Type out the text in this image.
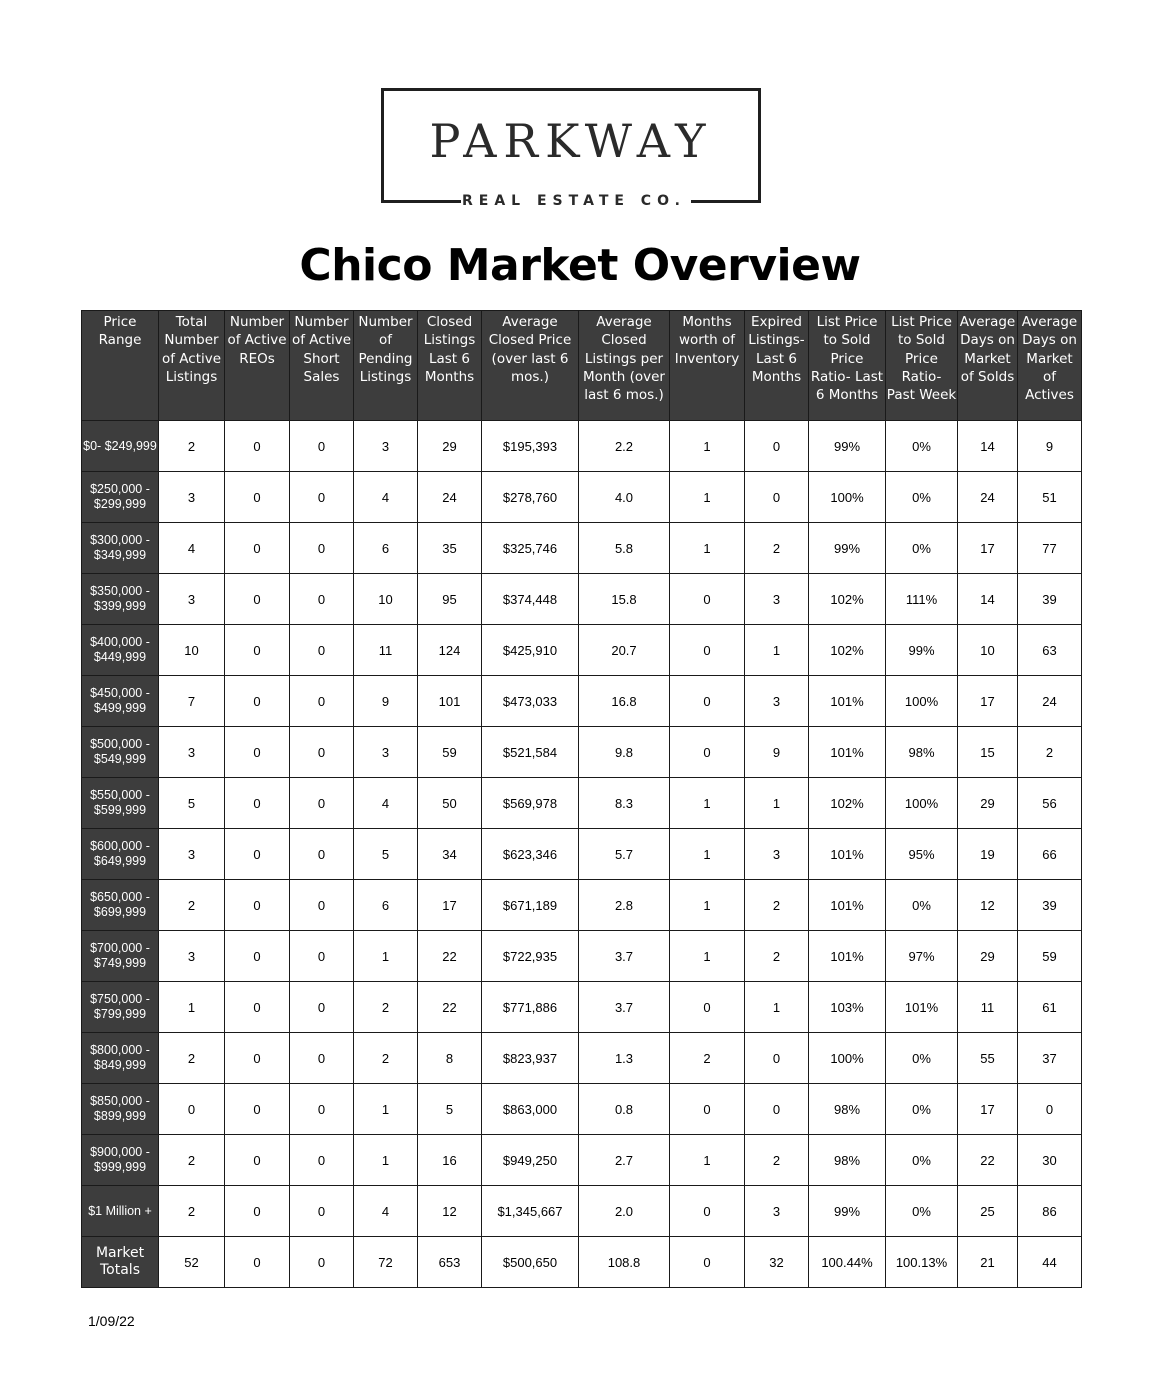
PARKWAY
REAL ESTATE CO.
Chico Market Overview
Price Range	Total Number of Active Listings	Number of Active REOs	Number of Active Short Sales	Number of Pending Listings	Closed Listings Last 6 Months	Average Closed Price (over last 6 mos.)	Average Closed Listings per Month (over last 6 mos.)	Months worth of Inventory	Expired Listings- Last 6 Months	List Price to Sold Price Ratio- Last 6 Months	List Price to Sold Price Ratio- Past Week	Average Days on Market of Solds	Average Days on Market of Actives
$0- $249,999	2	0	0	3	29	$195,393	2.2	1	0	99%	0%	14	9
$250,000 - $299,999	3	0	0	4	24	$278,760	4.0	1	0	100%	0%	24	51
$300,000 - $349,999	4	0	0	6	35	$325,746	5.8	1	2	99%	0%	17	77
$350,000 - $399,999	3	0	0	10	95	$374,448	15.8	0	3	102%	111%	14	39
$400,000 - $449,999	10	0	0	11	124	$425,910	20.7	0	1	102%	99%	10	63
$450,000 - $499,999	7	0	0	9	101	$473,033	16.8	0	3	101%	100%	17	24
$500,000 - $549,999	3	0	0	3	59	$521,584	9.8	0	9	101%	98%	15	2
$550,000 - $599,999	5	0	0	4	50	$569,978	8.3	1	1	102%	100%	29	56
$600,000 - $649,999	3	0	0	5	34	$623,346	5.7	1	3	101%	95%	19	66
$650,000 - $699,999	2	0	0	6	17	$671,189	2.8	1	2	101%	0%	12	39
$700,000 - $749,999	3	0	0	1	22	$722,935	3.7	1	2	101%	97%	29	59
$750,000 - $799,999	1	0	0	2	22	$771,886	3.7	0	1	103%	101%	11	61
$800,000 - $849,999	2	0	0	2	8	$823,937	1.3	2	0	100%	0%	55	37
$850,000 - $899,999	0	0	0	1	5	$863,000	0.8	0	0	98%	0%	17	0
$900,000 - $999,999	2	0	0	1	16	$949,250	2.7	1	2	98%	0%	22	30
$1 Million +	2	0	0	4	12	$1,345,667	2.0	0	3	99%	0%	25	86
Market Totals	52	0	0	72	653	$500,650	108.8	0	32	100.44%	100.13%	21	44
1/09/22
